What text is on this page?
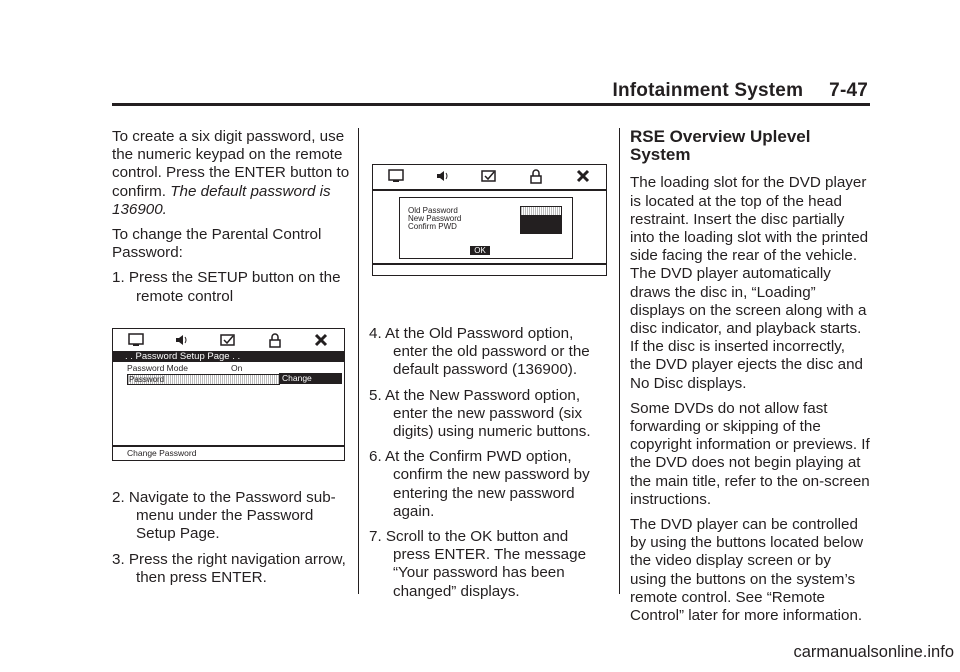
Infotainment System 7-47

To create a six digit password, use the numeric keypad on the remote control. Press the ENTER button to confirm. The default password is 136900.

To change the Parental Control Password:

1. Press the SETUP button on the remote control

2. Navigate to the Password sub-menu under the Password Setup Page.

3. Press the right navigation arrow, then press ENTER.

. . Password Setup Page . .
Password Mode	On
Password	Change
Change Password
Old Password
New Password
Confirm PWD
OK

4. At the Old Password option, enter the old password or the default password (136900).

5. At the New Password option, enter the new password (six digits) using numeric buttons.

6. At the Confirm PWD option, confirm the new password by entering the new password again.

7. Scroll to the OK button and press ENTER. The message “Your password has been changed” displays.

RSE Overview Uplevel System

The loading slot for the DVD player is located at the top of the head restraint. Insert the disc partially into the loading slot with the printed side facing the rear of the vehicle. The DVD player automatically draws the disc in, “Loading” displays on the screen along with a disc indicator, and playback starts. If the disc is inserted incorrectly, the DVD player ejects the disc and No Disc displays.

Some DVDs do not allow fast forwarding or skipping of the copyright information or previews. If the DVD does not begin playing at the main title, refer to the on-screen instructions.

The DVD player can be controlled by using the buttons located below the video display screen or by using the buttons on the system’s remote control. See “Remote Control” later for more information.

carmanualsonline.info
